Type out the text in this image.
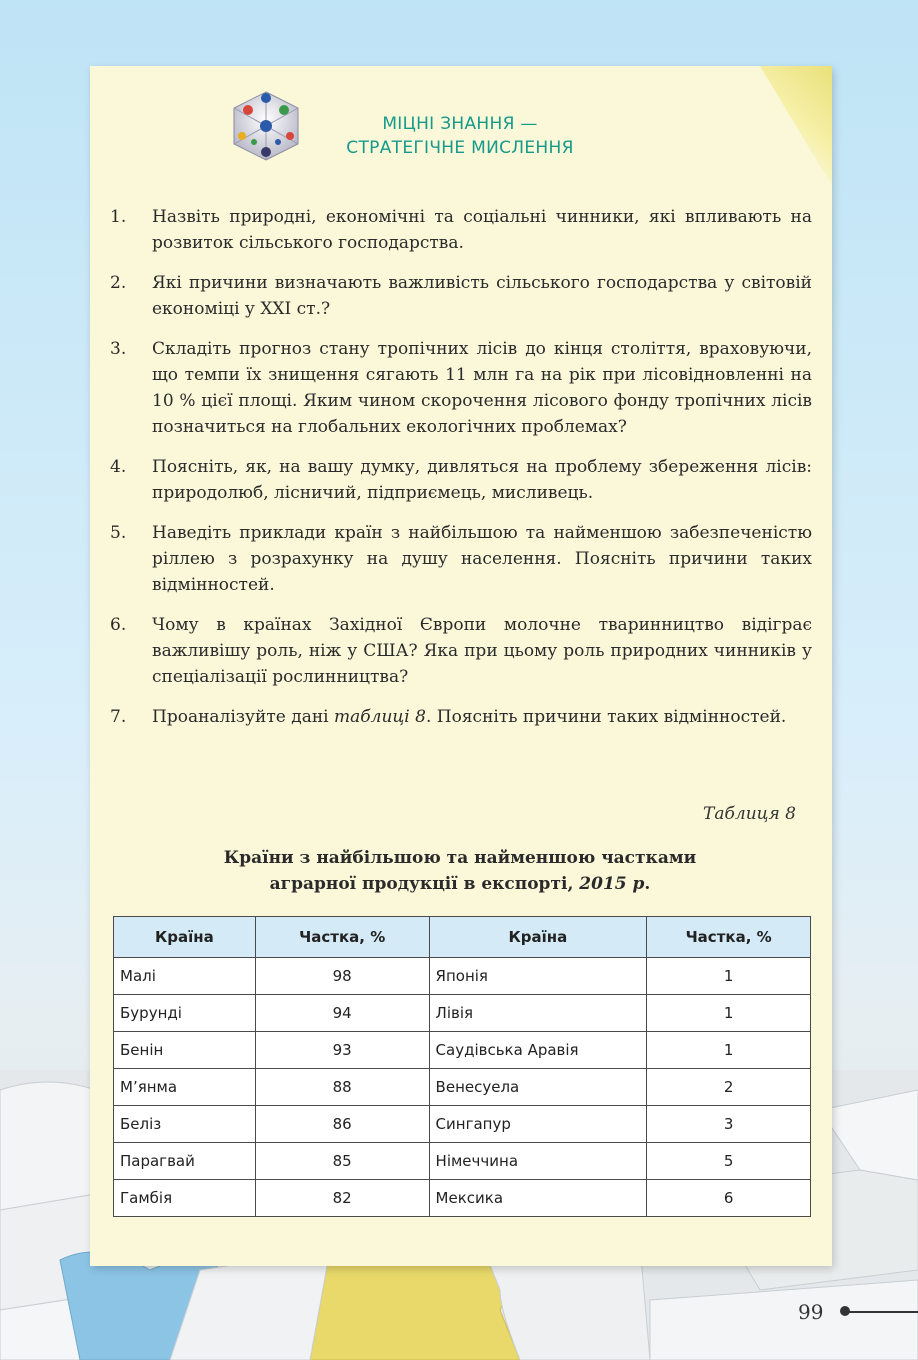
МІЦНІ ЗНАННЯ —
СТРАТЕГІЧНЕ МИСЛЕННЯ
1.	Назвіть природні, економічні та соціальні чинники, які впливають на розвиток сільського господарства.
2.	Які причини визначають важливість сільського господарства у світовій економіці у XXI ст.?
3.	Складіть прогноз стану тропічних лісів до кінця століття, враховуючи, що темпи їх знищення сягають 11 млн га на рік при лісовідновленні на 10 % цієї площі. Яким чином скорочення лісового фонду тропічних лісів позначиться на глобальних екологічних проблемах?
4.	Поясніть, як, на вашу думку, дивляться на проблему збереження лісів: природолюб, лісничий, підприємець, мисливець.
5.	Наведіть приклади країн з найбільшою та найменшою забезпеченістю ріллею з розрахунку на душу населення. Поясніть причини таких відмінностей.
6.	Чому в країнах Західної Європи молочне тваринництво відіграє важливішу роль, ніж у США? Яка при цьому роль природних чинників у спеціалізації рослинництва?
7.	Проаналізуйте дані таблиці 8. Поясніть причини таких відмінностей.
Таблиця 8
Країни з найбільшою та найменшою частками
аграрної продукції в експорті, 2015 р.
Країна	Частка, %	Країна	Частка, %
Малі	98	Японія	1
Бурунді	94	Лівія	1
Бенін	93	Саудівська Аравія	1
М’янма	88	Венесуела	2
Беліз	86	Сингапур	3
Парагвай	85	Німеччина	5
Гамбія	82	Мексика	6
99
